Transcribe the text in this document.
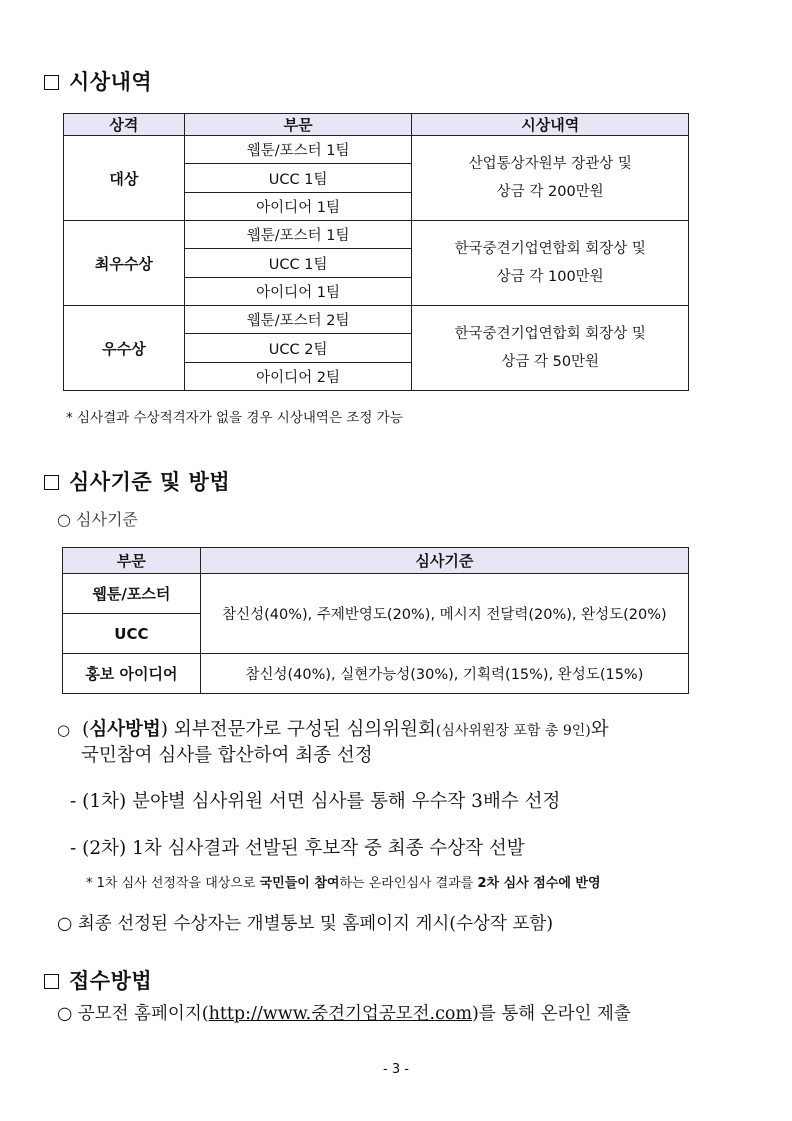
시상내역
상격	부문	시상내역
대상	웹툰/포스터 1팀	산업통상자원부 장관상 및
상금 각 200만원

	UCC 1팀	
	아이디어 1팀	
최우수상	웹툰/포스터 1팀	한국중견기업연합회 회장상 및
상금 각 100만원

	UCC 1팀	
	아이디어 1팀	
우수상	웹툰/포스터 2팀	한국중견기업연합회 회장상 및
상금 각 50만원

	UCC 2팀	
	아이디어 2팀	
* 심사결과 수상적격자가 없을 경우 시상내역은 조정 가능
심사기준 및 방법
○ 심사기준
부문	심사기준
웹툰/포스터	참신성(40%), 주제반영도(20%), 메시지 전달력(20%), 완성도(20%)
UCC	
홍보 아이디어	참신성(40%), 실현가능성(30%), 기획력(15%), 완성도(15%)
○ (심사방법) 외부전문가로 구성된 심의위원회(심사위원장 포함 총 9인)와
국민참여 심사를 합산하여 최종 선정
- (1차) 분야별 심사위원 서면 심사를 통해 우수작 3배수 선정
- (2차) 1차 심사결과 선발된 후보작 중 최종 수상작 선발
* 1차 심사 선정작을 대상으로 국민들이 참여하는 온라인심사 결과를 2차 심사 점수에 반영
○ 최종 선정된 수상자는 개별통보 및 홈페이지 게시(수상작 포함)
접수방법
○ 공모전 홈페이지(http://www.중견기업공모전.com)를 통해 온라인 제출
- 3 -
